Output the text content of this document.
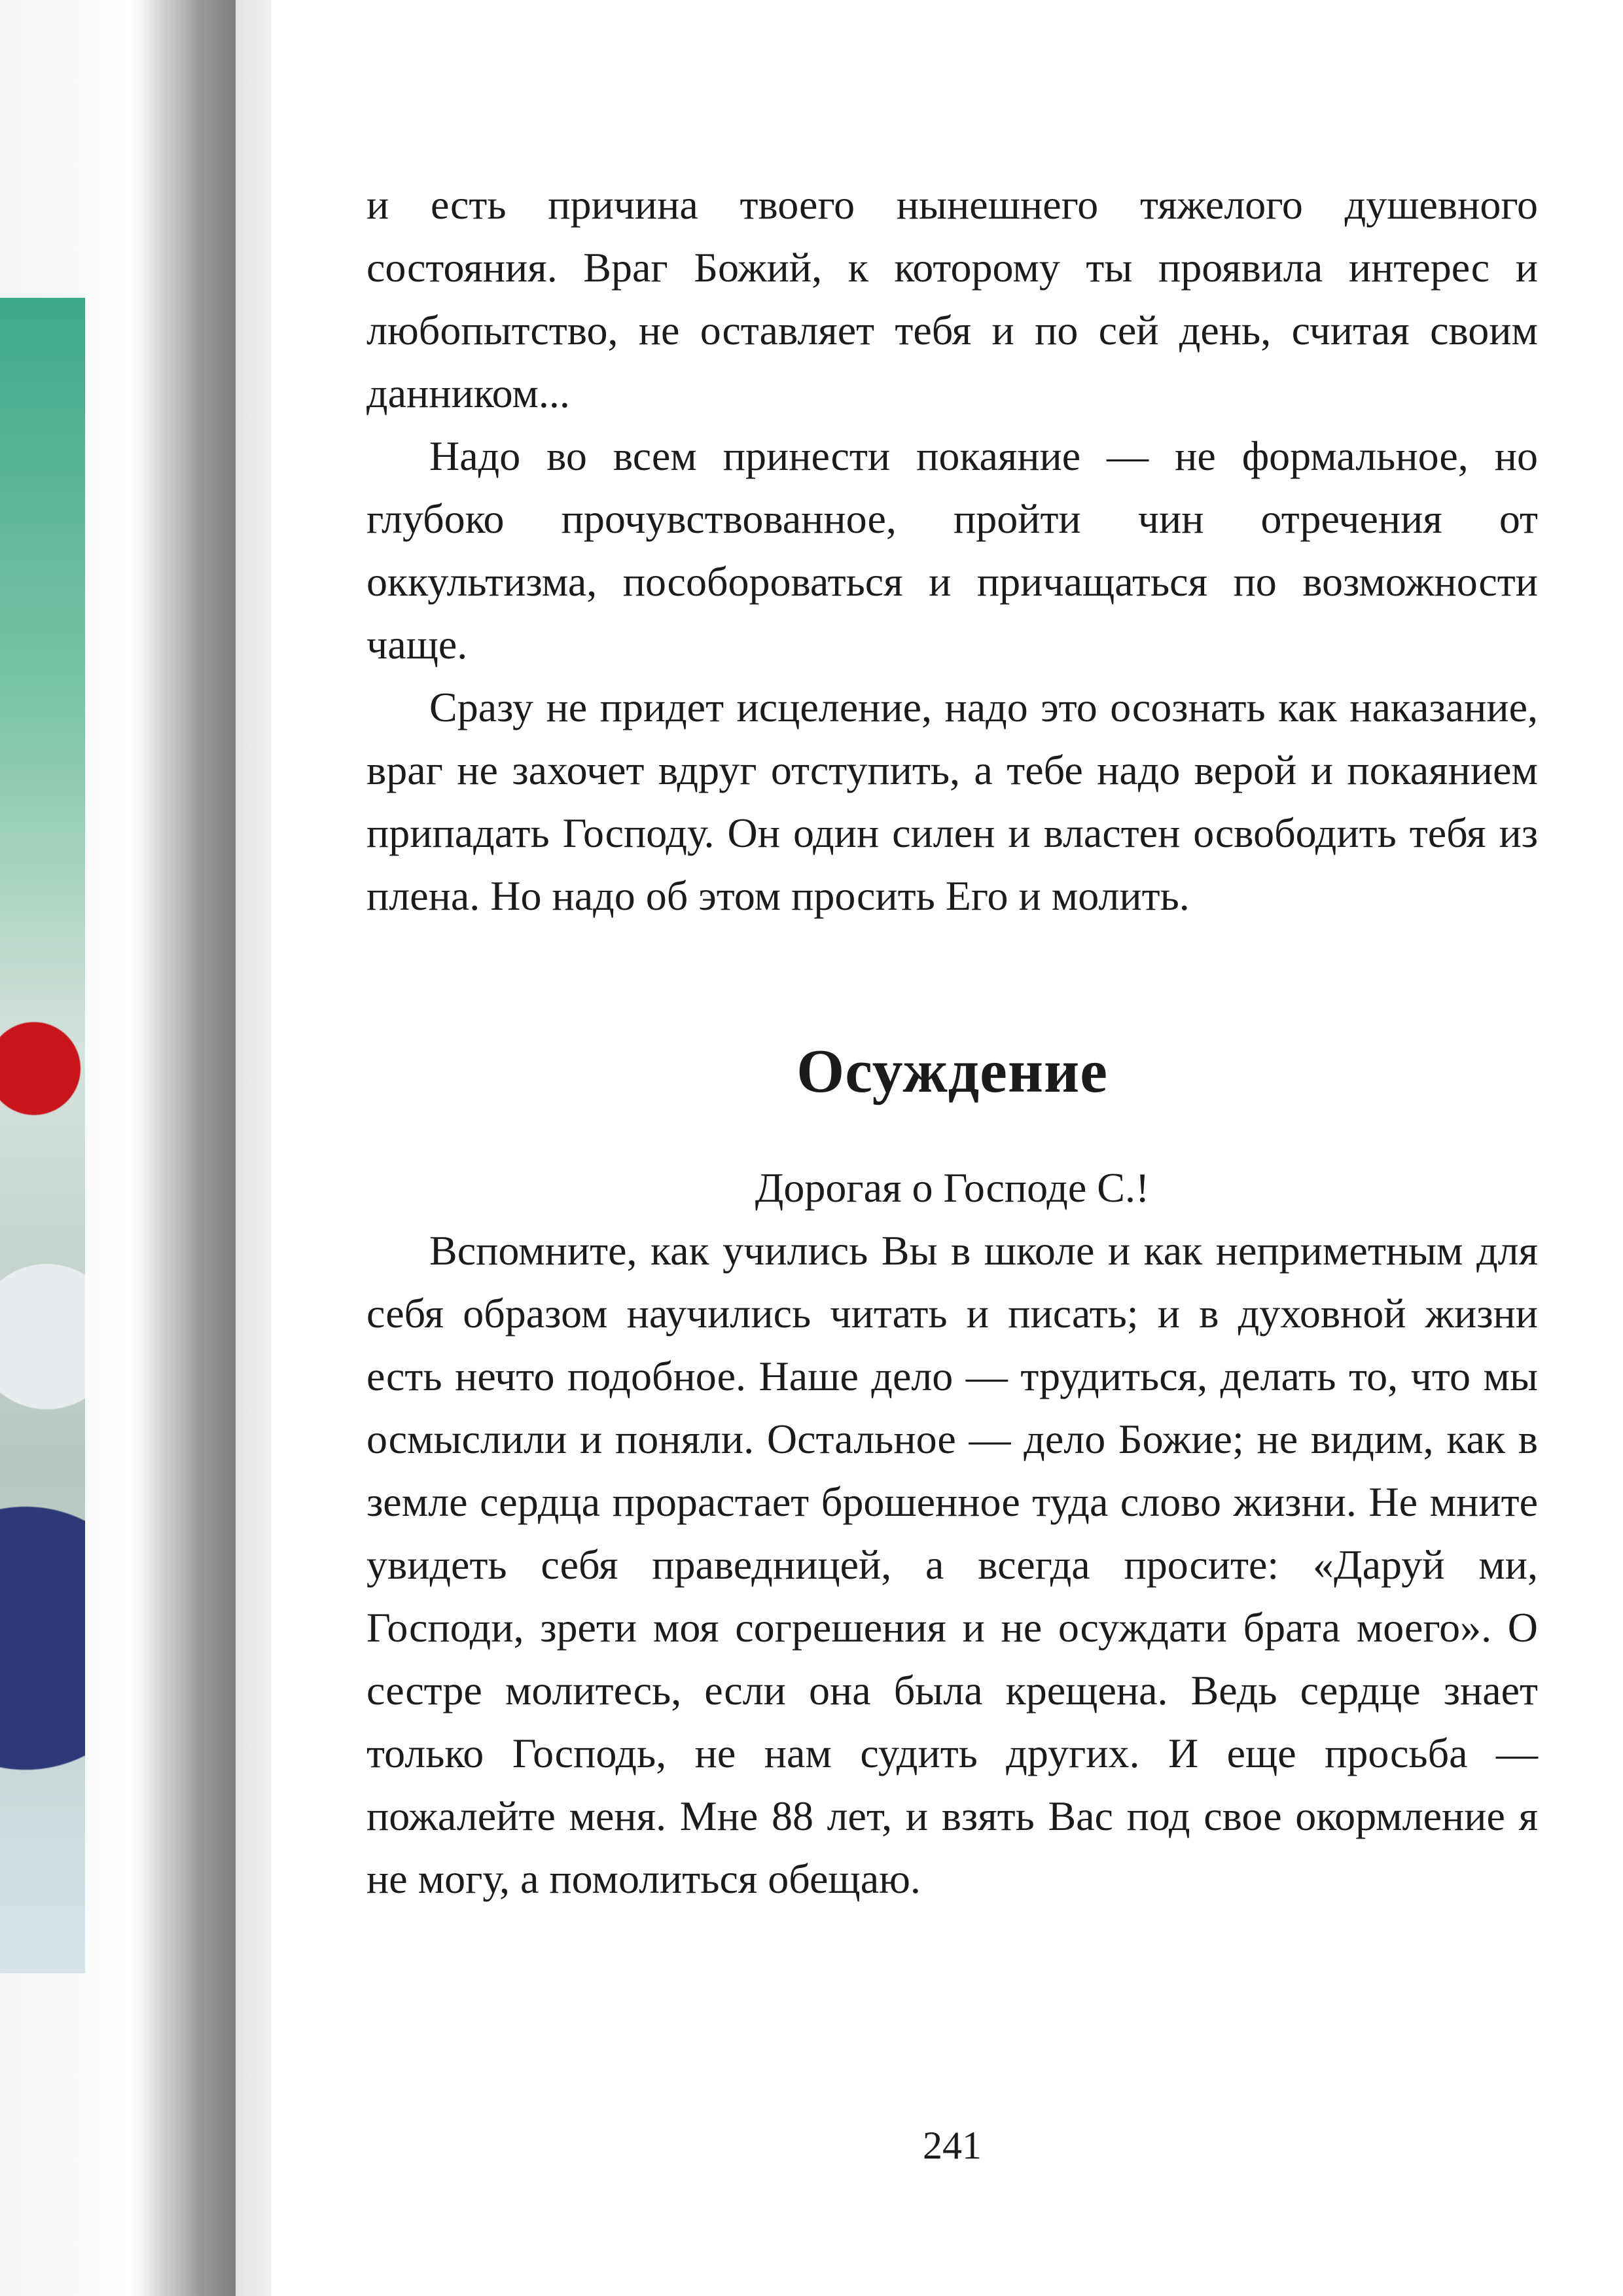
и есть причина твоего нынешнего тяжелого душевного состояния. Враг Божий, к которому ты проявила интерес и любопытство, не оставляет тебя и по сей день, считая своим данником...

Надо во всем принести покаяние — не формальное, но глубоко прочувствованное, пройти чин отречения от оккультизма, пособороваться и причащаться по возможности чаще.

Сразу не придет исцеление, надо это осознать как наказание, враг не захочет вдруг отступить, а тебе надо верой и покаянием припадать Господу. Он один силен и властен освободить тебя из плена. Но надо об этом просить Его и молить.

Осуждение
Дорогая о Господе С.!

Вспомните, как учились Вы в школе и как неприметным для себя образом научились читать и писать; и в духовной жизни есть нечто подобное. Наше дело — трудиться, делать то, что мы осмыслили и поняли. Остальное — дело Божие; не видим, как в земле сердца прорастает брошенное туда слово жизни. Не мните увидеть себя праведницей, а всегда просите: «Даруй ми, Господи, зрети моя согрешения и не осуждати брата моего». О сестре молитесь, если она была крещена. Ведь сердце знает только Господь, не нам судить других. И еще просьба — пожалейте меня. Мне 88 лет, и взять Вас под свое окормление я не могу, а помолиться обещаю.

241
